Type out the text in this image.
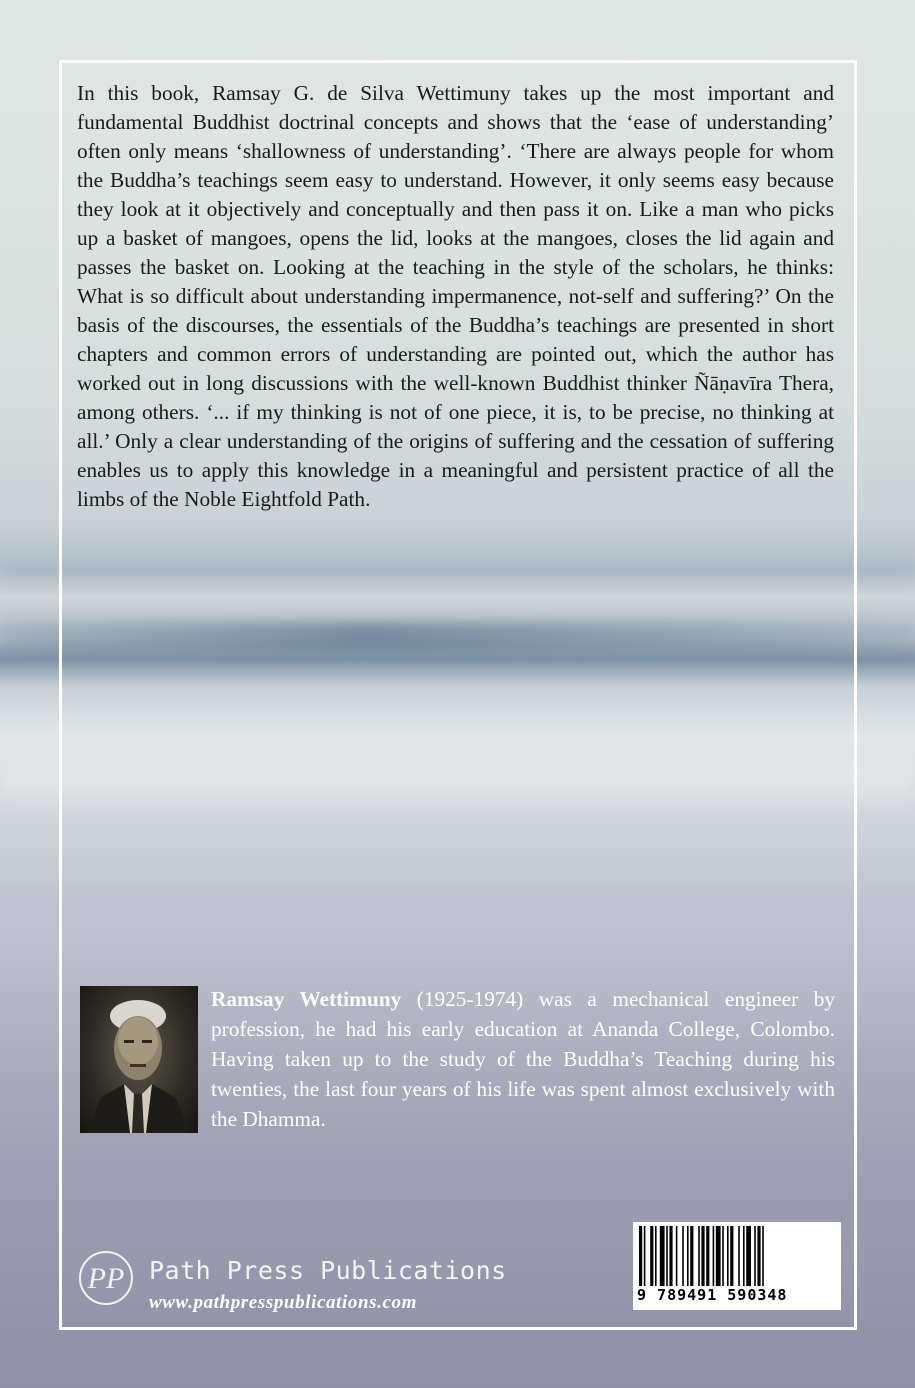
In this book, Ramsay G. de Silva Wettimuny takes up the most important and fundamental Buddhist doctrinal concepts and shows that the ‘ease of understanding’ often only means ‘shallowness of understanding’. ‘There are always people for whom the Buddha’s teachings seem easy to understand. However, it only seems easy because they look at it objectively and conceptually and then pass it on. Like a man who picks up a basket of mangoes, opens the lid, looks at the mangoes, closes the lid again and passes the basket on. Looking at the teaching in the style of the scholars, he thinks: What is so difficult about understanding impermanence, not-self and suffering?’ On the basis of the discourses, the essentials of the Buddha’s teachings are presented in short chapters and common errors of understanding are pointed out, which the author has worked out in long discussions with the well-known Buddhist thinker Ñāṇavīra Thera, among others. ‘... if my thinking is not of one piece, it is, to be precise, no thinking at all.’ Only a clear understanding of the origins of suffering and the cessation of suffering enables us to apply this knowledge in a meaningful and persistent practice of all the limbs of the Noble Eightfold Path.

Ramsay Wettimuny (1925-1974) was a mechanical engineer by profession, he had his early education at Ananda College, Colombo. Having taken up to the study of the Buddha’s Teaching during his twenties, the last four years of his life was spent almost exclusively with the Dhamma.

PP Path Press Publications
www.pathpresspublications.com	9 789491 590348
